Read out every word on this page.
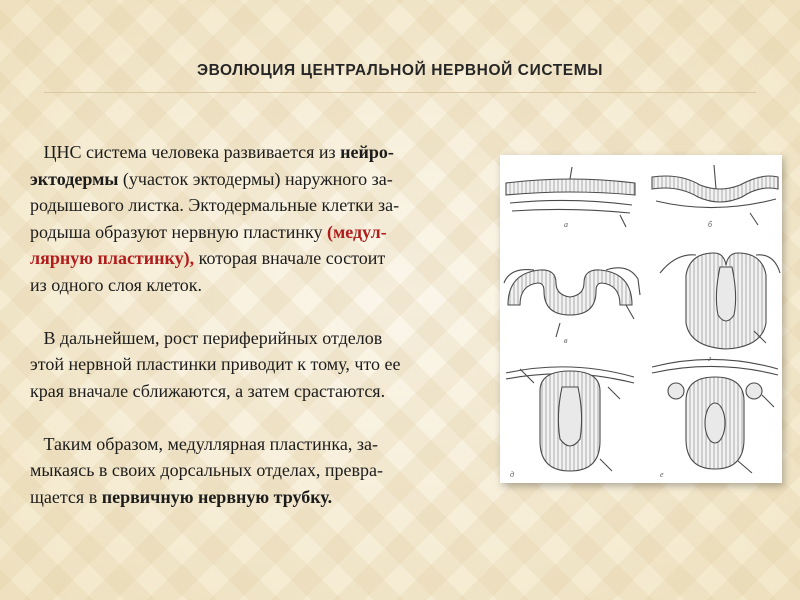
ЭВОЛЮЦИЯ ЦЕНТРАЛЬНОЙ НЕРВНОЙ СИСТЕМЫ
ЦНС система человека развивается из нейро-
эктодермы (участок эктодермы) наружного за-
родышевого листка. Эктодермальные клетки за-
родыша образуют нервную пластинку (медул-
лярную пластинку), которая вначале состоит
из одного слоя клеток.
В дальнейшем, рост периферийных отделов
этой нервной пластинки приводит к тому, что ее
края вначале сближаются, а затем срастаются.
Таким образом, медуллярная пластинка, за-
мыкаясь в своих дорсальных отделах, превра-
щается в первичную нервную трубку.
а	б
в
г
д	е
